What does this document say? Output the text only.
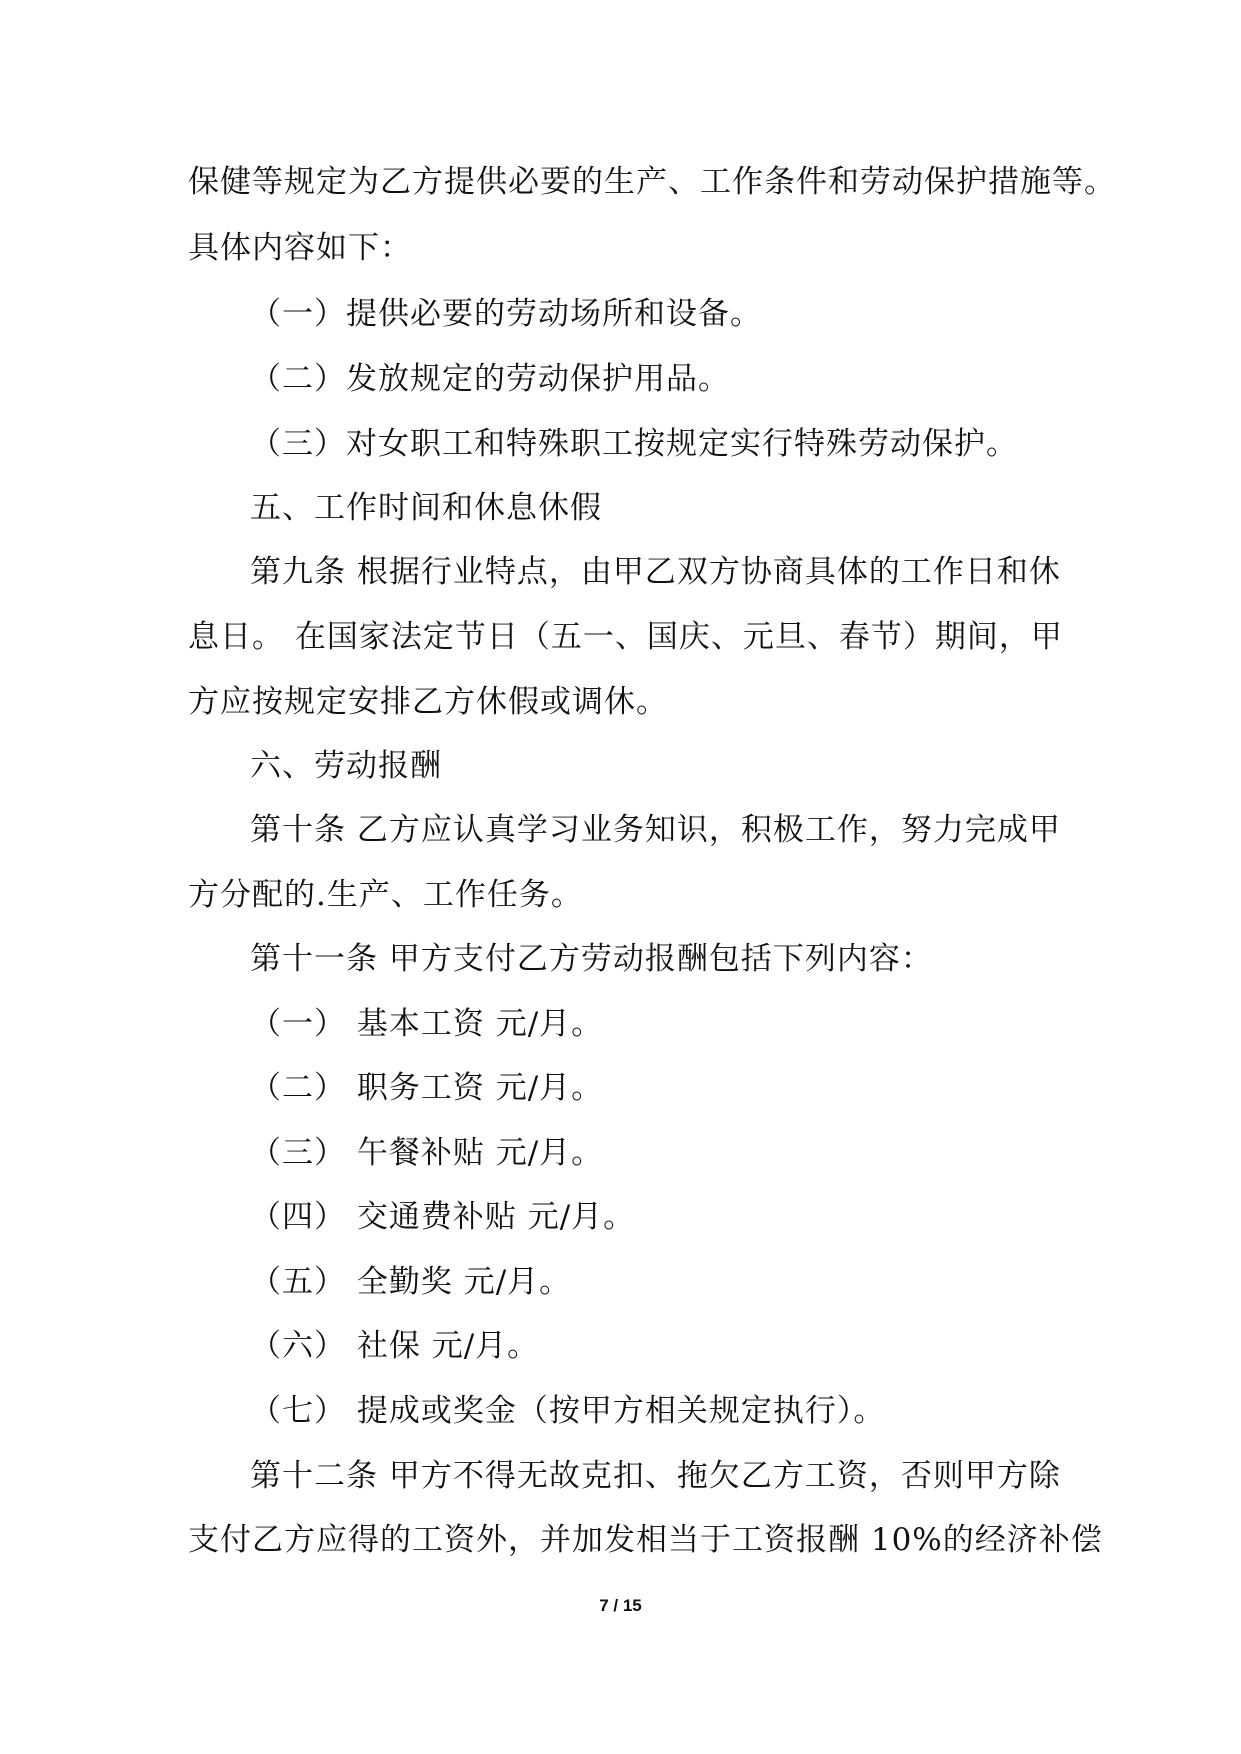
保健等规定为乙方提供必要的生产、工作条件和劳动保护措施等。
具体内容如下：
（一）提供必要的劳动场所和设备。
（二）发放规定的劳动保护用品。
（三）对女职工和特殊职工按规定实行特殊劳动保护。
五、工作时间和休息休假
第九条 根据行业特点，由甲乙双方协商具体的工作日和休
息日。 在国家法定节日（五一、国庆、元旦、春节）期间，甲
方应按规定安排乙方休假或调休。
六、劳动报酬
第十条 乙方应认真学习业务知识，积极工作，努力完成甲
方分配的.生产、工作任务。
第十一条 甲方支付乙方劳动报酬包括下列内容：
（一） 基本工资 元/月。
（二） 职务工资 元/月。
（三） 午餐补贴 元/月。
（四） 交通费补贴 元/月。
（五） 全勤奖 元/月。
（六） 社保 元/月。
（七） 提成或奖金（按甲方相关规定执行）。
第十二条 甲方不得无故克扣、拖欠乙方工资，否则甲方除
支付乙方应得的工资外，并加发相当于工资报酬 10%的经济补偿
7 / 15
